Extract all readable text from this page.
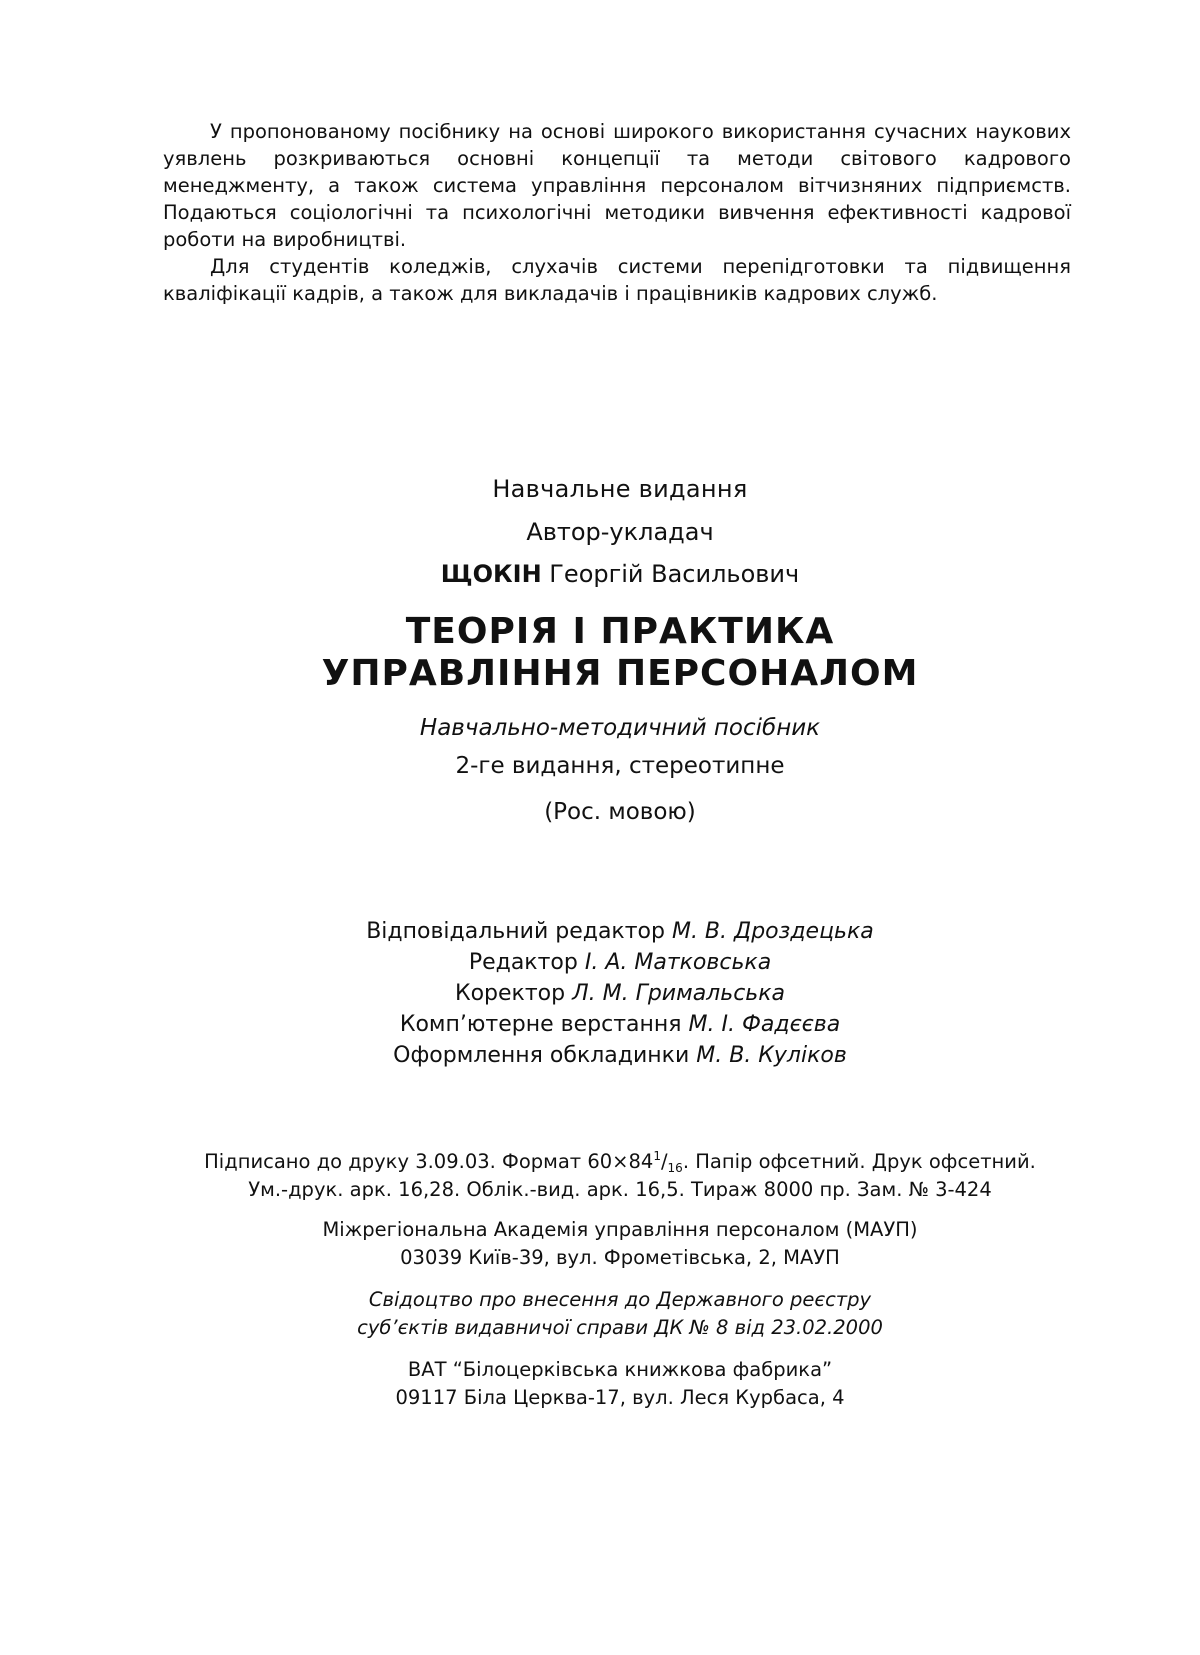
У пропонованому посібнику на основі широкого використання сучасних наукових уявлень розкриваються основні концепції та методи світового кадрового менеджменту, а також система управління персоналом вітчизняних підприємств. Подаються соціологічні та психологічні методики вивчення ефективності кадрової роботи на виробництві.

Для студентів коледжів, слухачів системи перепідготовки та підвищення кваліфікації кадрів, а також для викладачів і працівників кадрових служб.

Навчальне видання
Автор-укладач
ЩОКІН Георгій Васильович
ТЕОРІЯ І ПРАКТИКА
УПРАВЛІННЯ ПЕРСОНАЛОМ
Навчально-методичний посібник
2-ге видання, стереотипне
(Рос. мовою)
Відповідальний редактор М. В. Дроздецька
Редактор І. А. Матковська
Коректор Л. М. Гримальська
Комп’ютерне верстання М. І. Фадєєва
Оформлення обкладинки М. В. Куліков
Підписано до друку 3.09.03. Формат $60\times 84^1/_{16}$. Папір офсетний. Друк офсетний.
Ум.-друк. арк. 16,28. Облік.-вид. арк. 16,5. Тираж 8000 пр. Зам. № 3-424
Міжрегіональна Академія управління персоналом (МАУП)
03039 Київ-39, вул. Фрометівська, 2, МАУП
Свідоцтво про внесення до Державного реєстру
суб’єктів видавничої справи ДК № 8 від 23.02.2000
ВАТ “Білоцерківська книжкова фабрика”
09117 Біла Церква-17, вул. Леся Курбаса, 4
